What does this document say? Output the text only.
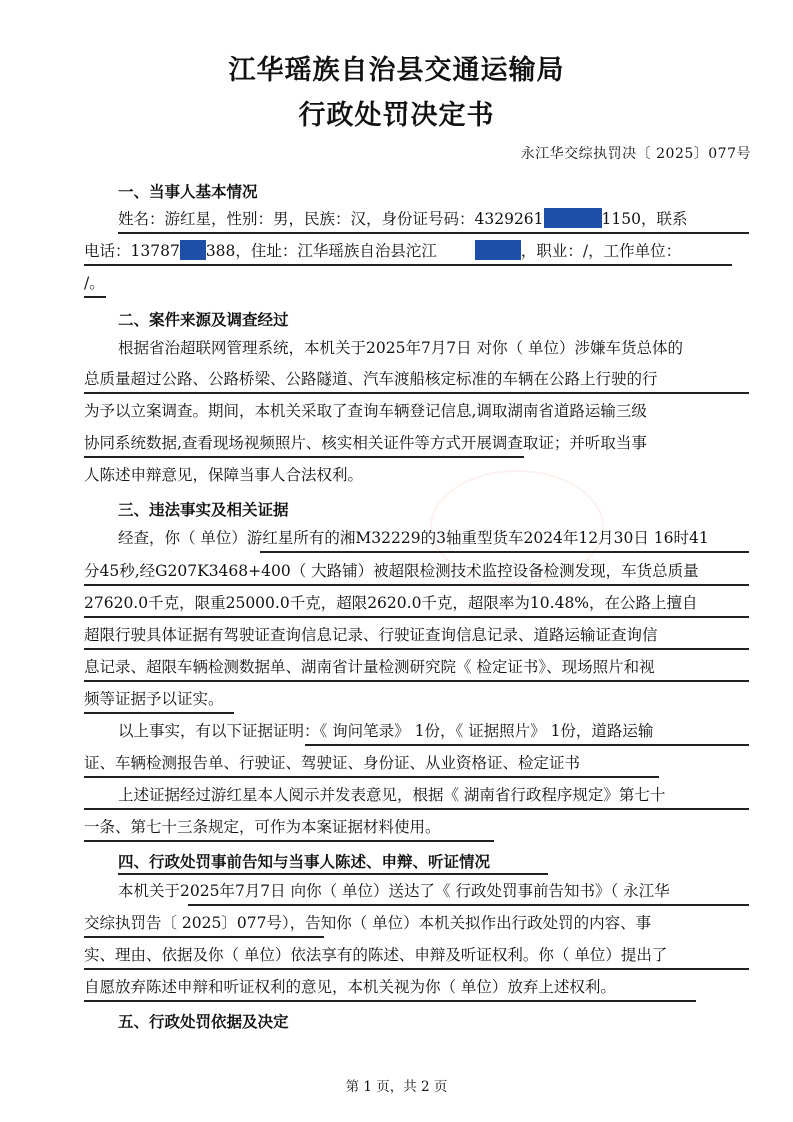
江华瑶族自治县交通运输局
行政处罚决定书
永江华交综执罚决〔 2025〕077号
一、当事人基本情况
姓名：游红星，性别：男，民族：汉，身份证号码：4329261	1150，联系
电话：13787 388，住址：江华瑶族自治县沱江	，职业：/，工作单位：
/。
二、案件来源及调查经过
根据省治超联网管理系统，本机关于2025年7月7日 对你（ 单位）涉嫌车货总体的
总质量超过公路、公路桥梁、公路隧道、汽车渡船核定标准的车辆在公路上行驶的行
为予以立案调查。期间，本机关采取了查询车辆登记信息,调取湖南省道路运输三级
协同系统数据,查看现场视频照片、核实相关证件等方式开展调查取证；并听取当事
人陈述申辩意见，保障当事人合法权利。
三、违法事实及相关证据
经查，你（ 单位）游红星所有的湘M32229的3轴重型货车2024年12月30日 16时41
分45秒,经G207K3468+400（ 大路铺）被超限检测技术监控设备检测发现，车货总质量
27620.0千克，限重25000.0千克，超限2620.0千克，超限率为10.48%，在公路上擅自
超限行驶具体证据有驾驶证查询信息记录、行驶证查询信息记录、道路运输证查询信
息记录、超限车辆检测数据单、湖南省计量检测研究院《 检定证书》、现场照片和视
频等证据予以证实。
以上事实，有以下证据证明：《 询问笔录》 1份，《 证据照片》 1份，道路运输
证、车辆检测报告单、行驶证、驾驶证、身份证、从业资格证、检定证书
上述证据经过游红星本人阅示并发表意见，根据《 湖南省行政程序规定》第七十
一条、第七十三条规定，可作为本案证据材料使用。
四、行政处罚事前告知与当事人陈述、申辩、听证情况
本机关于2025年7月7日 向你（ 单位）送达了《 行政处罚事前告知书》（ 永江华
交综执罚告〔 2025〕077号），告知你（ 单位）本机关拟作出行政处罚的内容、事
实、理由、依据及你（ 单位）依法享有的陈述、申辩及听证权利。你（ 单位）提出了
自愿放弃陈述申辩和听证权利的意见，本机关视为你（ 单位）放弃上述权利。
五、行政处罚依据及决定
第 1 页，共 2 页
